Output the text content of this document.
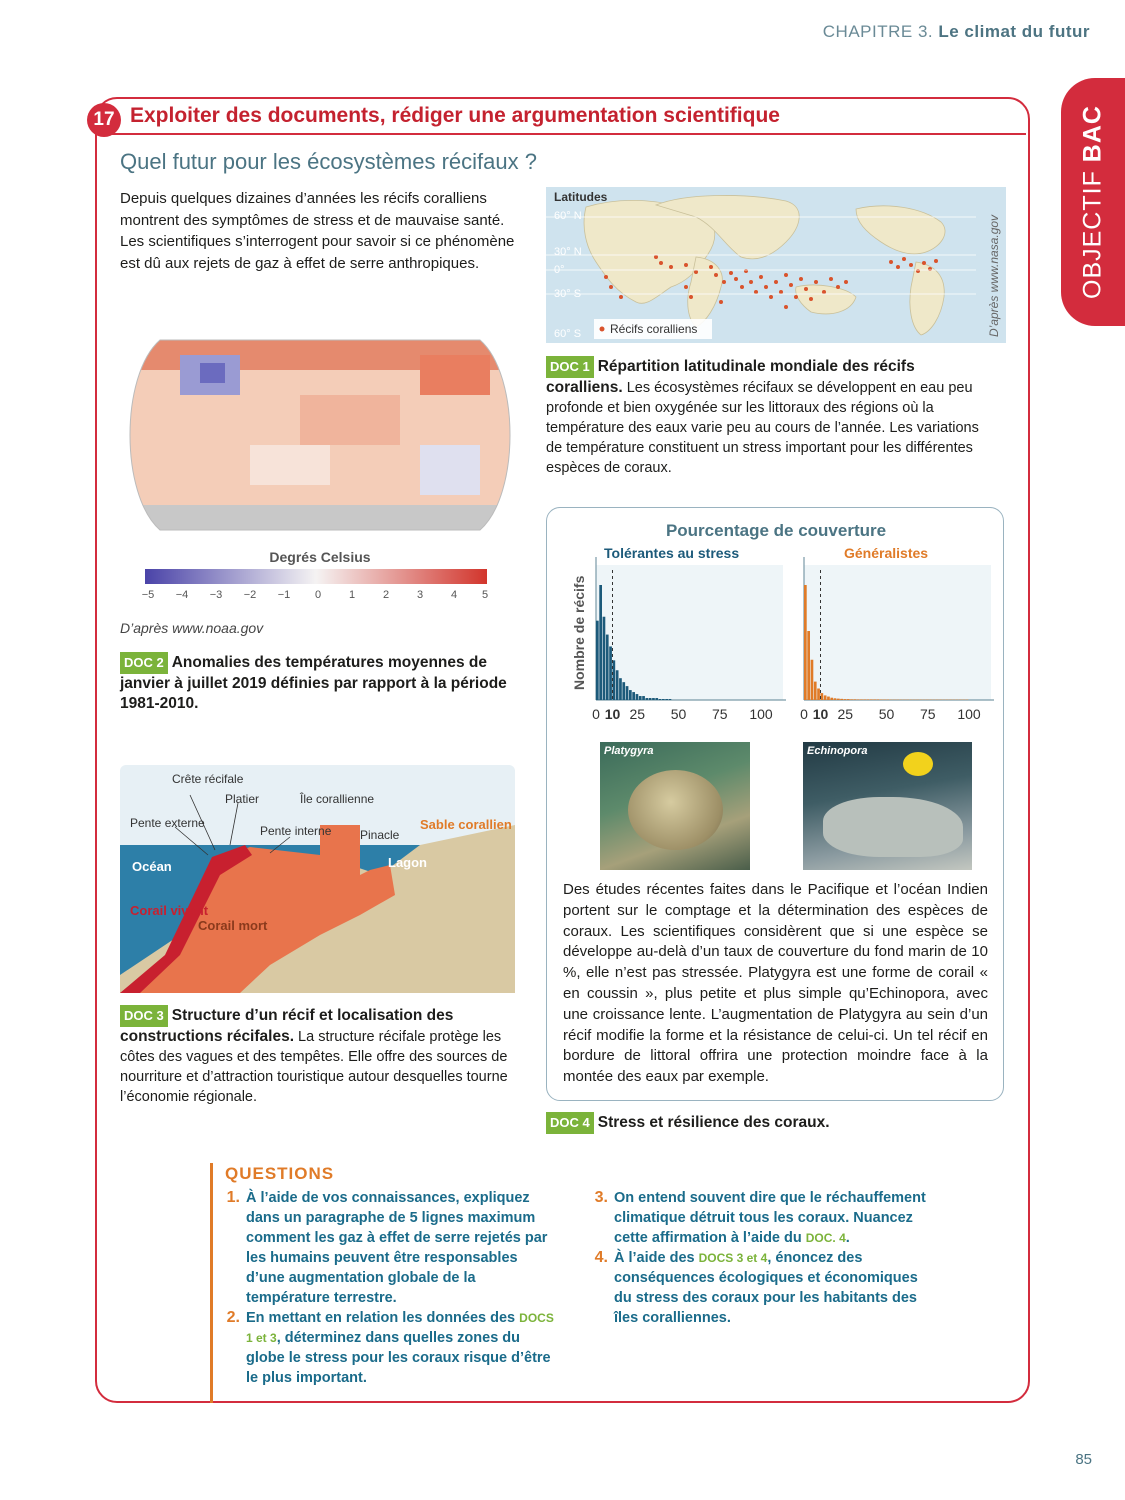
CHAPITRE 3. Le climat du futur
OBJECTIF BAC
17 Exploiter des documents, rédiger une argumentation scientifique
Quel futur pour les écosystèmes récifaux ?
Depuis quelques dizaines d’années les récifs coralliens montrent des symptômes de stress et de mauvaise santé. Les scientifiques s’interrogent pour savoir si ce phénomène est dû aux rejets de gaz à effet de serre anthropiques.
Latitudes
60° N
30° N
0°
30° S
60° S Récifs coralliens	D’après www.nasa.gov
DOC 1 Répartition latitudinale mondiale des récifs coralliens. Les écosystèmes récifaux se développent en eau peu profonde et bien oxygénée sur les littoraux des régions où la température des eaux varie peu au cours de l’année. Les variations de température constituent un stress important pour les différentes espèces de coraux.
Degrés Celsius
−5 −4 −3 −2 −1 0	1	2	3	4 5
D’après www.noaa.gov
DOC 2 Anomalies des températures moyennes de janvier à juillet 2019 définies par rapport à la période 1981-2010.
Crête récifale
Platier
Pente externe
Pente interne
Île corallienne
Pinacle
Sable corallien
Océan	Lagon
Corail vivant
Corail mort
DOC 3 Structure d’un récif et localisation des constructions récifales. La structure récifale protège les côtes des vagues et des tempêtes. Elle offre des sources de nourriture et d’attraction touristique autour desquelles tourne l’économie régionale.
Pourcentage de couverture
Nombre de récifs
Tolérantes au stress	Généralistes
0 10 25 50 75 100 0 10 25 50 75 100
Platygyra	Echinopora
Des études récentes faites dans le Pacifique et l’océan Indien portent sur le comptage et la détermination des espèces de coraux. Les scientifiques considèrent que si une espèce se développe au-delà d’un taux de couverture du fond marin de 10 %, elle n’est pas stressée. Platygyra est une forme de corail « en coussin », plus petite et plus simple qu’Echinopora, avec une croissance lente. L’augmentation de Platygyra au sein d’un récif modifie la forme et la résistance de celui-ci. Un tel récif en bordure de littoral offrira une protection moindre face à la montée des eaux par exemple.
DOC 4 Stress et résilience des coraux.
QUESTIONS
1. À l’aide de vos connaissances, expliquez dans un paragraphe de 5 lignes maximum comment les gaz à effet de serre rejetés par les humains peuvent être responsables d’une augmentation globale de la température terrestre.
2. En mettant en relation les données des DOCS 1 et 3, déterminez dans quelles zones du globe le stress pour les coraux risque d’être le plus important.
3. On entend souvent dire que le réchauffement climatique détruit tous les coraux. Nuancez cette affirmation à l’aide du DOC. 4.
4. À l’aide des DOCS 3 et 4, énoncez des conséquences écologiques et économiques du stress des coraux pour les habitants des îles coralliennes.
85
